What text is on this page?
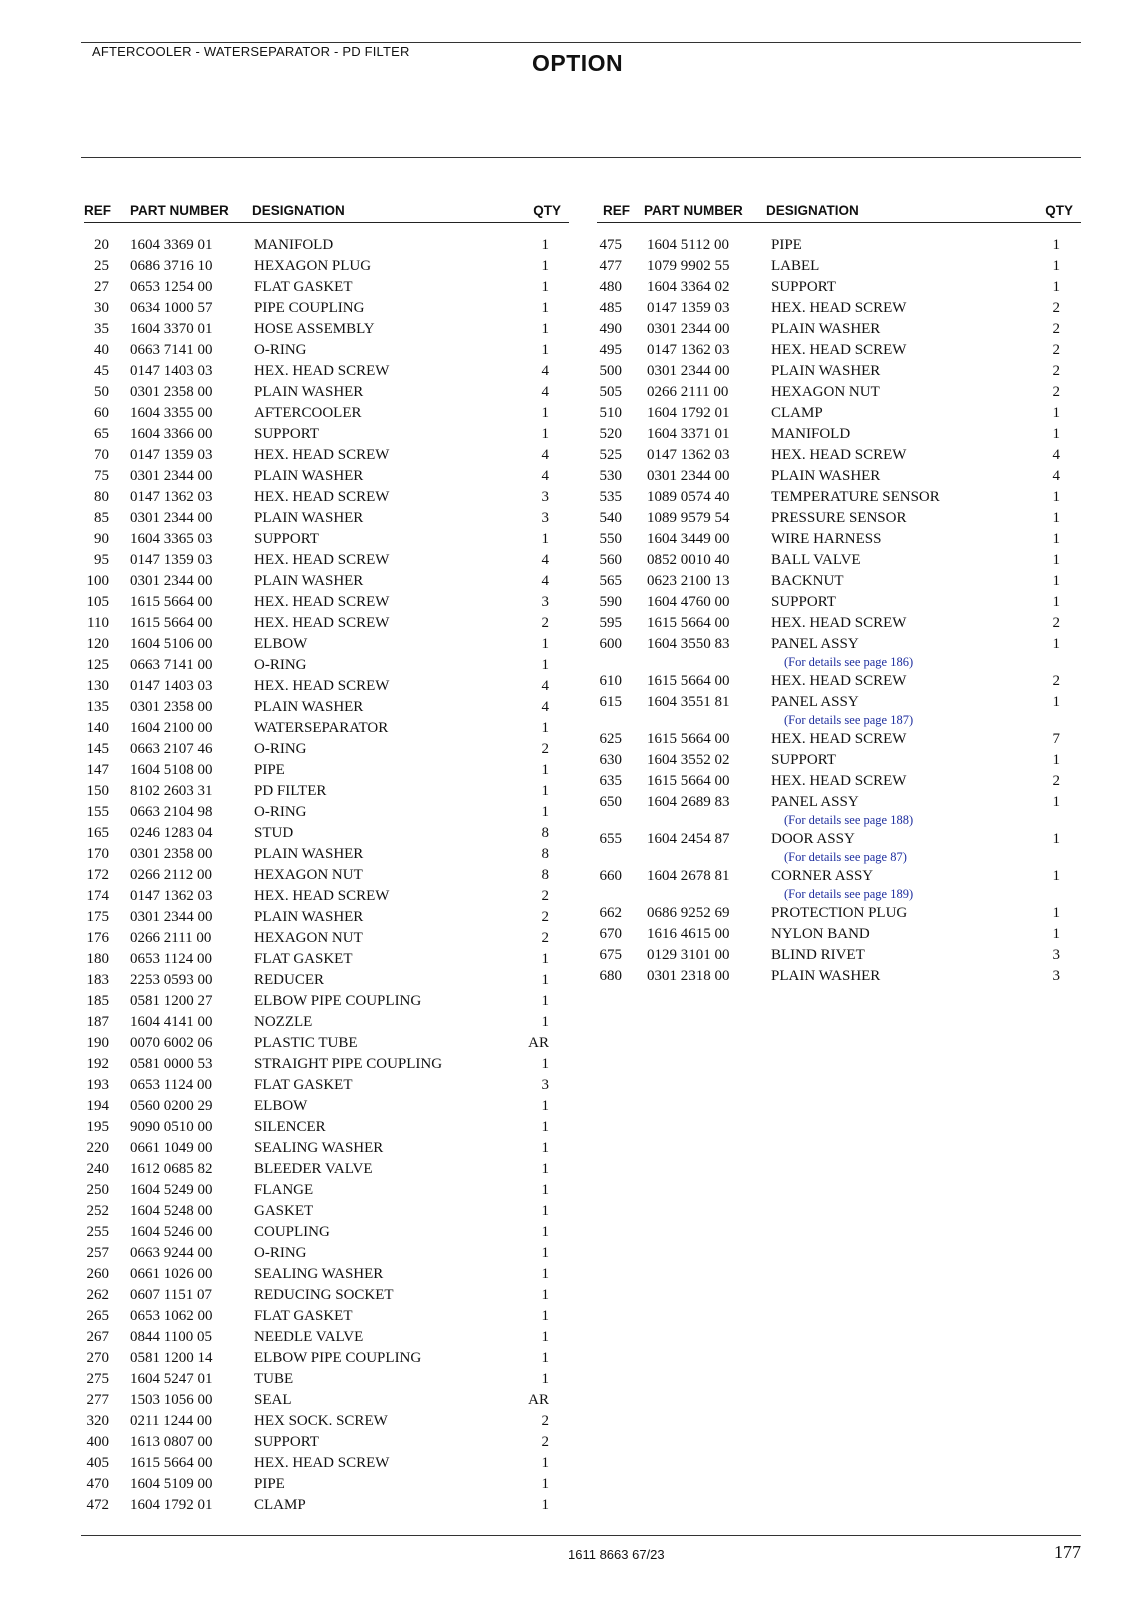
AFTERCOOLER - WATERSEPARATOR - PD FILTER	OPTION
REF PART NUMBER DESIGNATION	QTY
20 1604 3369 01	MANIFOLD	1
25 0686 3716 10	HEXAGON PLUG	1
27 0653 1254 00	FLAT GASKET	1
30 0634 1000 57	PIPE COUPLING	1
35 1604 3370 01	HOSE ASSEMBLY	1
40 0663 7141 00	O-RING	1
45 0147 1403 03	HEX. HEAD SCREW	4
50 0301 2358 00	PLAIN WASHER	4
60 1604 3355 00	AFTERCOOLER	1
65 1604 3366 00	SUPPORT	1
70 0147 1359 03	HEX. HEAD SCREW	4
75 0301 2344 00	PLAIN WASHER	4
80 0147 1362 03	HEX. HEAD SCREW	3
85 0301 2344 00	PLAIN WASHER	3
90 1604 3365 03	SUPPORT	1
95 0147 1359 03	HEX. HEAD SCREW	4
100 0301 2344 00	PLAIN WASHER	4
105 1615 5664 00	HEX. HEAD SCREW	3
110 1615 5664 00	HEX. HEAD SCREW	2
120 1604 5106 00	ELBOW	1
125 0663 7141 00	O-RING	1
130 0147 1403 03	HEX. HEAD SCREW	4
135 0301 2358 00	PLAIN WASHER	4
140 1604 2100 00	WATERSEPARATOR	1
145 0663 2107 46	O-RING	2
147 1604 5108 00	PIPE	1
150 8102 2603 31	PD FILTER	1
155 0663 2104 98	O-RING	1
165 0246 1283 04	STUD	8
170 0301 2358 00	PLAIN WASHER	8
172 0266 2112 00	HEXAGON NUT	8
174 0147 1362 03	HEX. HEAD SCREW	2
175 0301 2344 00	PLAIN WASHER	2
176 0266 2111 00	HEXAGON NUT	2
180 0653 1124 00	FLAT GASKET	1
183 2253 0593 00	REDUCER	1
185 0581 1200 27	ELBOW PIPE COUPLING	1
187 1604 4141 00	NOZZLE	1
190 0070 6002 06	PLASTIC TUBE	AR
192 0581 0000 53	STRAIGHT PIPE COUPLING	1
193 0653 1124 00	FLAT GASKET	3
194 0560 0200 29	ELBOW	1
195 9090 0510 00	SILENCER	1
220 0661 1049 00	SEALING WASHER	1
240 1612 0685 82	BLEEDER VALVE	1
250 1604 5249 00	FLANGE	1
252 1604 5248 00	GASKET	1
255 1604 5246 00	COUPLING	1
257 0663 9244 00	O-RING	1
260 0661 1026 00	SEALING WASHER	1
262 0607 1151 07	REDUCING SOCKET	1
265 0653 1062 00	FLAT GASKET	1
267 0844 1100 05	NEEDLE VALVE	1
270 0581 1200 14	ELBOW PIPE COUPLING	1
275 1604 5247 01	TUBE	1
277 1503 1056 00	SEAL	AR
320 0211 1244 00	HEX SOCK. SCREW	2
400 1613 0807 00	SUPPORT	2
405 1615 5664 00	HEX. HEAD SCREW	1
470 1604 5109 00	PIPE	1
472 1604 1792 01	CLAMP	1
REF PART NUMBER DESIGNATION	QTY
475 1604 5112 00	PIPE	1
477 1079 9902 55	LABEL	1
480 1604 3364 02	SUPPORT	1
485 0147 1359 03	HEX. HEAD SCREW	2
490 0301 2344 00	PLAIN WASHER	2
495 0147 1362 03	HEX. HEAD SCREW	2
500 0301 2344 00	PLAIN WASHER	2
505 0266 2111 00	HEXAGON NUT	2
510 1604 1792 01	CLAMP	1
520 1604 3371 01	MANIFOLD	1
525 0147 1362 03	HEX. HEAD SCREW	4
530 0301 2344 00	PLAIN WASHER	4
535 1089 0574 40	TEMPERATURE SENSOR	1
540 1089 9579 54	PRESSURE SENSOR	1
550 1604 3449 00	WIRE HARNESS	1
560 0852 0010 40	BALL VALVE	1
565 0623 2100 13	BACKNUT	1
590 1604 4760 00	SUPPORT	1
595 1615 5664 00	HEX. HEAD SCREW	2
600 1604 3550 83	PANEL ASSY	1
(For details see page 186)
610 1615 5664 00	HEX. HEAD SCREW	2
615 1604 3551 81	PANEL ASSY	1
(For details see page 187)
625 1615 5664 00	HEX. HEAD SCREW	7
630 1604 3552 02	SUPPORT	1
635 1615 5664 00	HEX. HEAD SCREW	2
650 1604 2689 83	PANEL ASSY	1
(For details see page 188)
655 1604 2454 87	DOOR ASSY	1
(For details see page 87)
660 1604 2678 81	CORNER ASSY	1
(For details see page 189)
662 0686 9252 69	PROTECTION PLUG	1
670 1616 4615 00	NYLON BAND	1
675 0129 3101 00	BLIND RIVET	3
680 0301 2318 00	PLAIN WASHER	3
1611 8663 67/23	177
